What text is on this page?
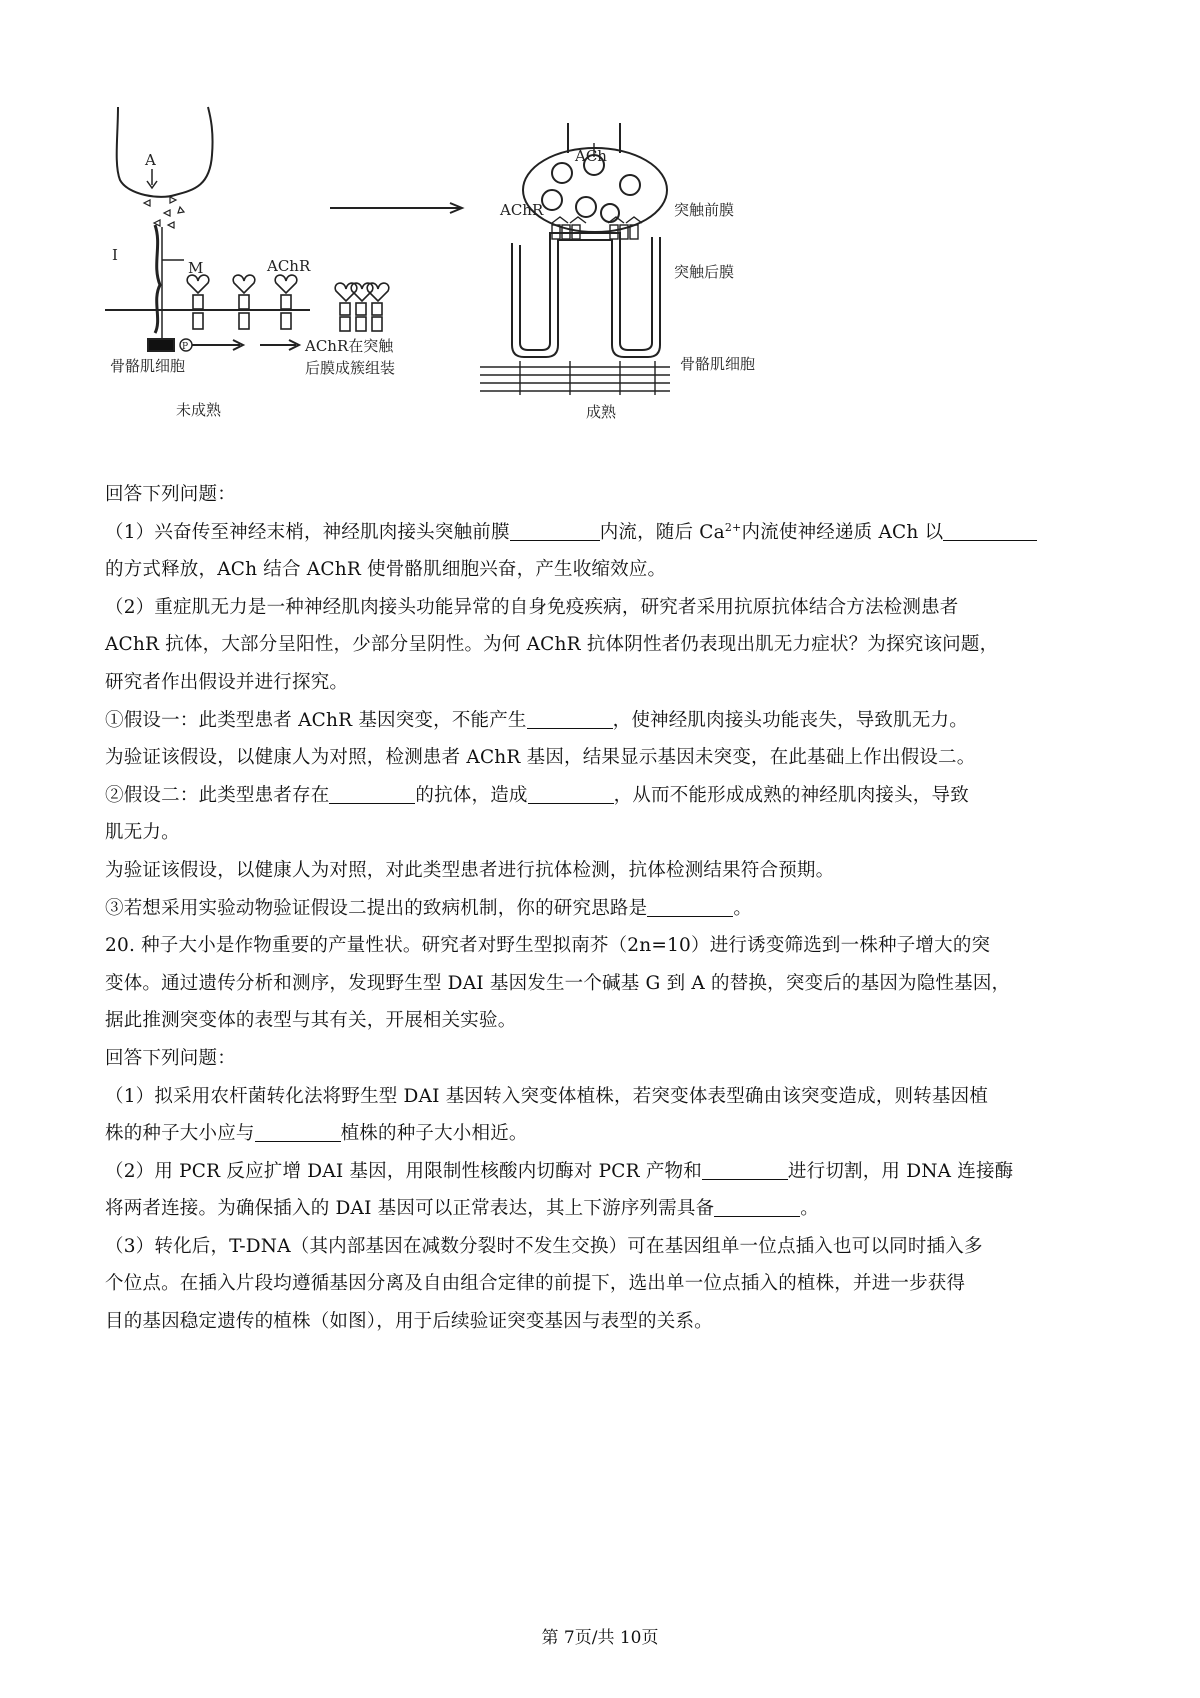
A
I
M	AChR
P
骨骼肌细胞
AChR在突触
后膜成簇组装
未成熟
ACh
突触前膜
AChR
突触后膜
骨骼肌细胞
成熟
回答下列问题：
（1）兴奋传至神经末梢，神经肌肉接头突触前膜	内流，随后 $Ca^{2+}$内流使神经递质 ACh 以
的方式释放，ACh 结合 AChR 使骨骼肌细胞兴奋，产生收缩效应。
（2）重症肌无力是一种神经肌肉接头功能异常的自身免疫疾病，研究者采用抗原抗体结合方法检测患者
AChR 抗体，大部分呈阳性，少部分呈阴性。为何 AChR 抗体阴性者仍表现出肌无力症状？为探究该问题，
研究者作出假设并进行探究。
①假设一：此类型患者 AChR 基因突变，不能产生	，使神经肌肉接头功能丧失，导致肌无力。
为验证该假设，以健康人为对照，检测患者 AChR 基因，结果显示基因未突变，在此基础上作出假设二。
②假设二：此类型患者存在	的抗体，造成	，从而不能形成成熟的神经肌肉接头，导致
肌无力。
为验证该假设，以健康人为对照，对此类型患者进行抗体检测，抗体检测结果符合预期。
③若想采用实验动物验证假设二提出的致病机制，你的研究思路是	。
20. 种子大小是作物重要的产量性状。研究者对野生型拟南芥（2n=10）进行诱变筛选到一株种子增大的突
变体。通过遗传分析和测序，发现野生型 DAI 基因发生一个碱基 G 到 A 的替换，突变后的基因为隐性基因，
据此推测突变体的表型与其有关，开展相关实验。
回答下列问题：
（1）拟采用农杆菌转化法将野生型 DAI 基因转入突变体植株，若突变体表型确由该突变造成，则转基因植
株的种子大小应与	植株的种子大小相近。
（2）用 PCR 反应扩增 DAI 基因，用限制性核酸内切酶对 PCR 产物和	进行切割，用 DNA 连接酶
将两者连接。为确保插入的 DAI 基因可以正常表达，其上下游序列需具备	。
（3）转化后，T-DNA（其内部基因在减数分裂时不发生交换）可在基因组单一位点插入也可以同时插入多
个位点。在插入片段均遵循基因分离及自由组合定律的前提下，选出单一位点插入的植株，并进一步获得
目的基因稳定遗传的植株（如图），用于后续验证突变基因与表型的关系。
第 7页/共 10页
